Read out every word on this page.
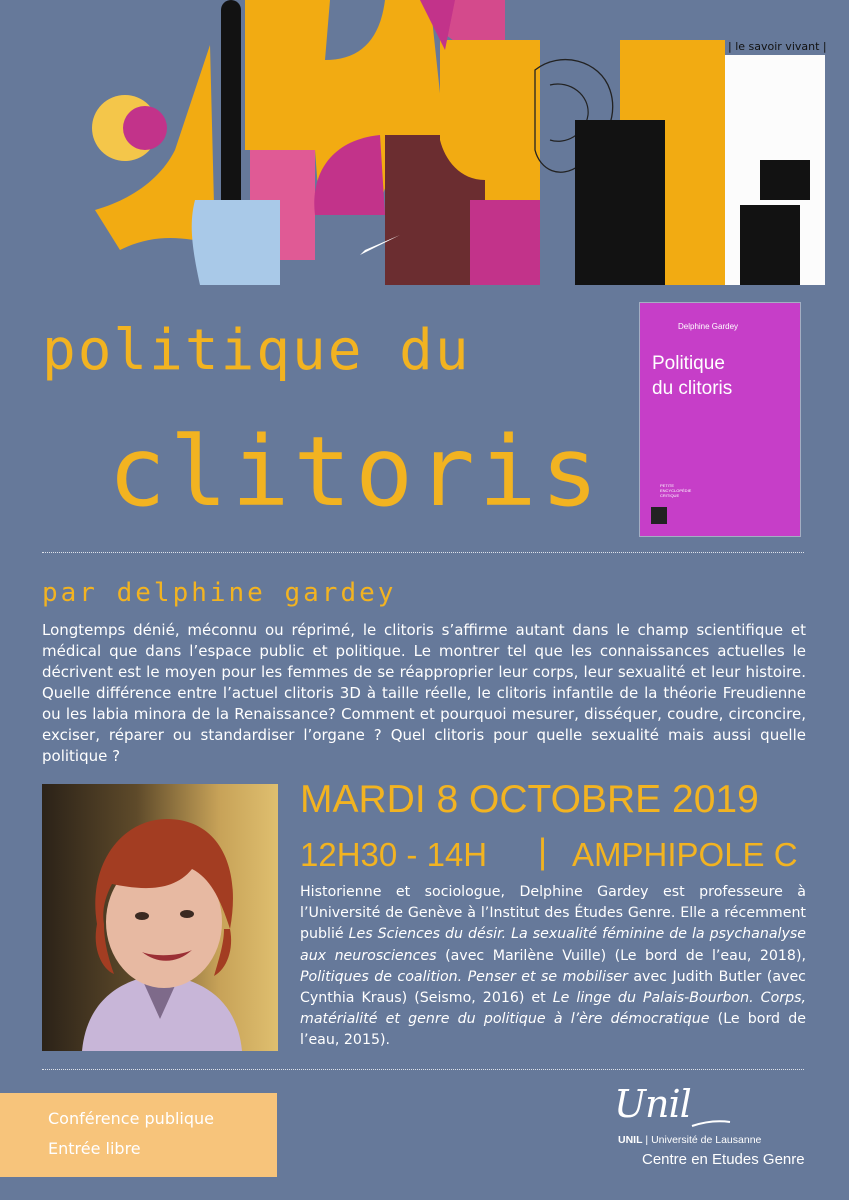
| le savoir vivant |
politique du
clitoris
Delphine Gardey
Politique
du clitoris
PETITE
ENCYCLOPÉDIE
CRITIQUE
par delphine gardey

Longtemps dénié, méconnu ou réprimé, le clitoris s’affirme autant dans le champ scientifique et médical que dans l’espace public et politique. Le montrer tel que les connaissances actuelles le décrivent est le moyen pour les femmes de se réapproprier leur corps, leur sexualité et leur histoire. Quelle différence entre l’actuel clitoris 3D à taille réelle, le clitoris infantile de la théorie Freudienne ou les labia minora de la Renaissance? Comment et pourquoi mesurer, disséquer, coudre, circoncire, exciser, réparer ou standardiser l’organe ? Quel clitoris pour quelle sexualité mais aussi quelle politique ?

MARDI 8 OCTOBRE 2019
12H30 - 14H | AMPHIPOLE C

Historienne et sociologue, Delphine Gardey est professeure à l’Université de Genève à l’Institut des Études Genre. Elle a récemment publié Les Sciences du désir. La sexualité féminine de la psychanalyse aux neurosciences (avec Marilène Vuille) (Le bord de l’eau, 2018), Politiques de coalition. Penser et se mobiliser avec Judith Butler (avec Cynthia Kraus) (Seismo, 2016) et Le linge du Palais-Bourbon. Corps, matérialité et genre du politique à l’ère démocratique (Le bord de l’eau, 2015).

Conférence publique
Entrée libre
Unil
UNIL | Université de Lausanne
Centre en Etudes Genre
